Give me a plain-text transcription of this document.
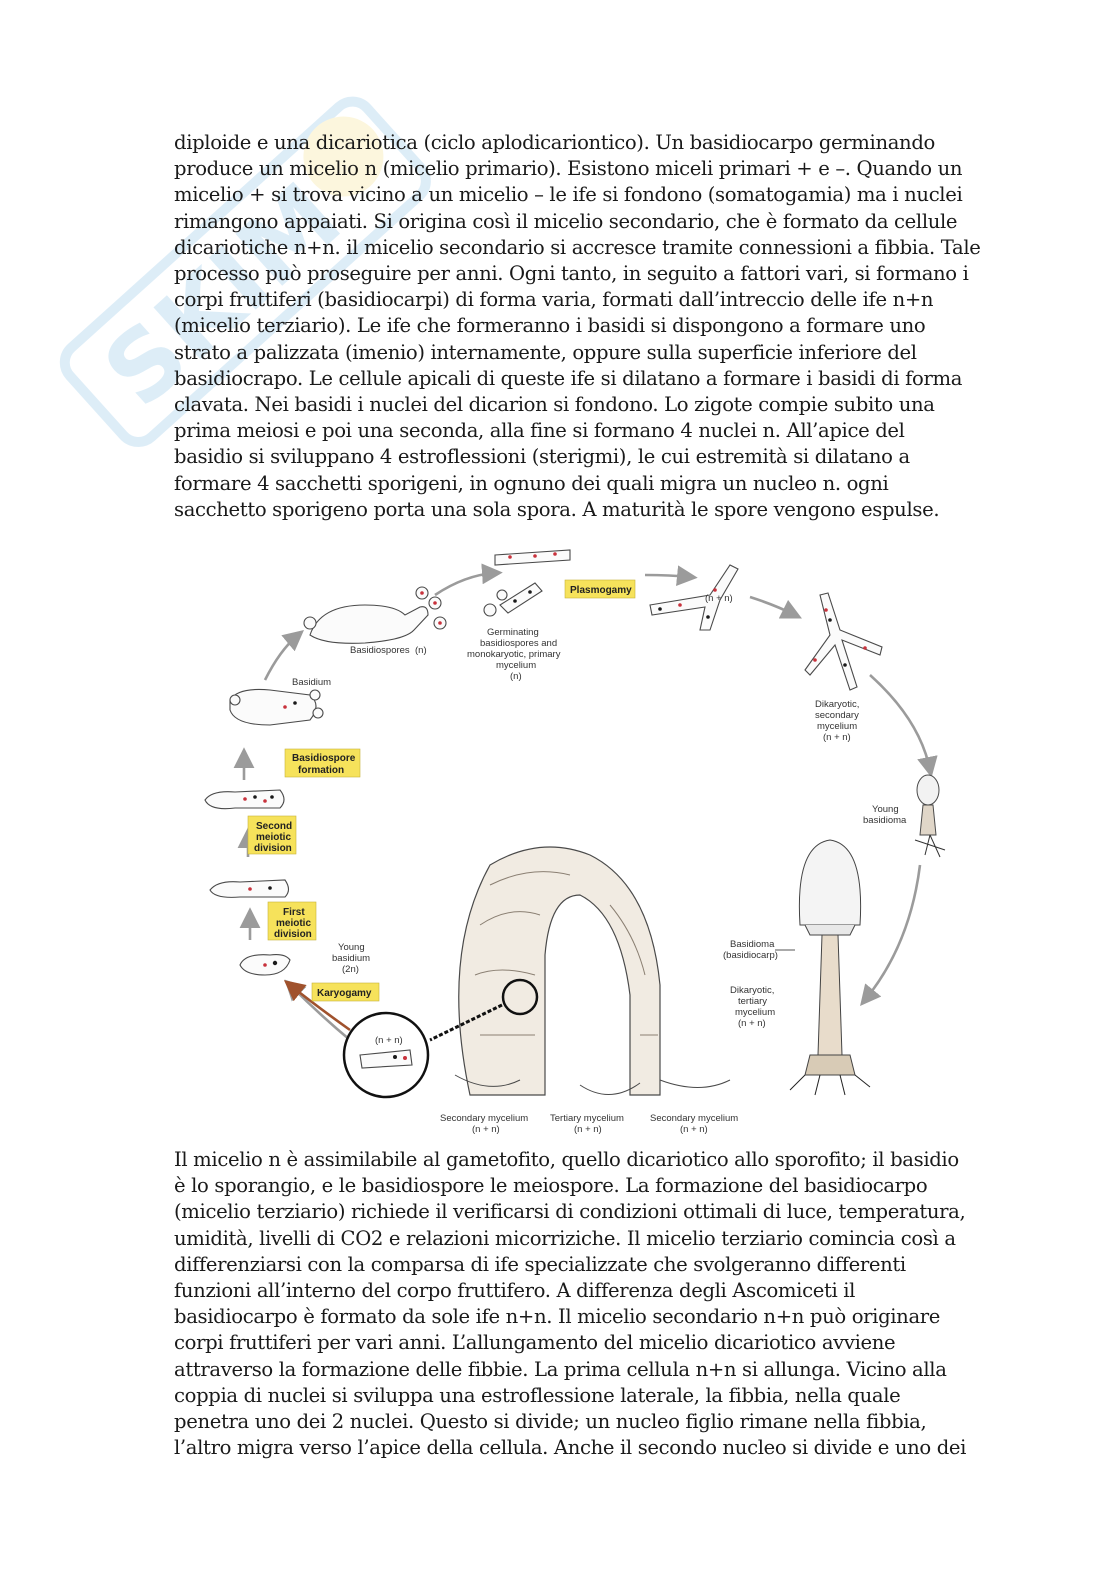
SKIM
diploide e una dicariotica (ciclo aplodicariontico). Un basidiocarpo germinando
produce un micelio n (micelio primario). Esistono miceli primari + e –. Quando un
micelio + si trova vicino a un micelio – le ife si fondono (somatogamia) ma i nuclei
rimangono appaiati. Si origina così il micelio secondario, che è formato da cellule
dicariotiche n+n. il micelio secondario si accresce tramite connessioni a fibbia. Tale
processo può proseguire per anni. Ogni tanto, in seguito a fattori vari, si formano i
corpi fruttiferi (basidiocarpi) di forma varia, formati dall’intreccio delle ife n+n
(micelio terziario). Le ife che formeranno i basidi si dispongono a formare uno
strato a palizzata (imenio) internamente, oppure sulla superficie inferiore del
basidiocrapo. Le cellule apicali di queste ife si dilatano a formare i basidi di forma
clavata. Nei basidi i nuclei del dicarion si fondono. Lo zigote compie subito una
prima meiosi e poi una seconda, alla fine si formano 4 nuclei n. All’apice del
basidio si sviluppano 4 estroflessioni (sterigmi), le cui estremità si dilatano a
formare 4 sacchetti sporigeni, in ognuno dei quali migra un nucleo n. ogni
sacchetto sporigeno porta una sola spora. A maturità le spore vengono espulse.
Basidiospores (n)
Germinating
basidiospores and
monokaryotic, primary
mycelium
(n)
Plasmogamy
(n + n)
Dikaryotic,
secondary
mycelium
(n + n)
Young
basidioma
Basidioma
(basidiocarp)
Dikaryotic,
tertiary
mycelium
(n + n)
(n + n)
Young
basidium
(2n)
Karyogamy
First
meiotic
division
Second
meiotic
division
Basidiospore
formation
Basidium
Secondary mycelium
(n + n)
Tertiary mycelium
(n + n)
Secondary mycelium
(n + n)
Il micelio n è assimilabile al gametofito, quello dicariotico allo sporofito; il basidio
è lo sporangio, e le basidiospore le meiospore. La formazione del basidiocarpo
(micelio terziario) richiede il verificarsi di condizioni ottimali di luce, temperatura,
umidità, livelli di CO2 e relazioni micorriziche. Il micelio terziario comincia così a
differenziarsi con la comparsa di ife specializzate che svolgeranno differenti
funzioni all’interno del corpo fruttifero. A differenza degli Ascomiceti il
basidiocarpo è formato da sole ife n+n. Il micelio secondario n+n può originare
corpi fruttiferi per vari anni. L’allungamento del micelio dicariotico avviene
attraverso la formazione delle fibbie. La prima cellula n+n si allunga. Vicino alla
coppia di nuclei si sviluppa una estroflessione laterale, la fibbia, nella quale
penetra uno dei 2 nuclei. Questo si divide; un nucleo figlio rimane nella fibbia,
l’altro migra verso l’apice della cellula. Anche il secondo nucleo si divide e uno dei
